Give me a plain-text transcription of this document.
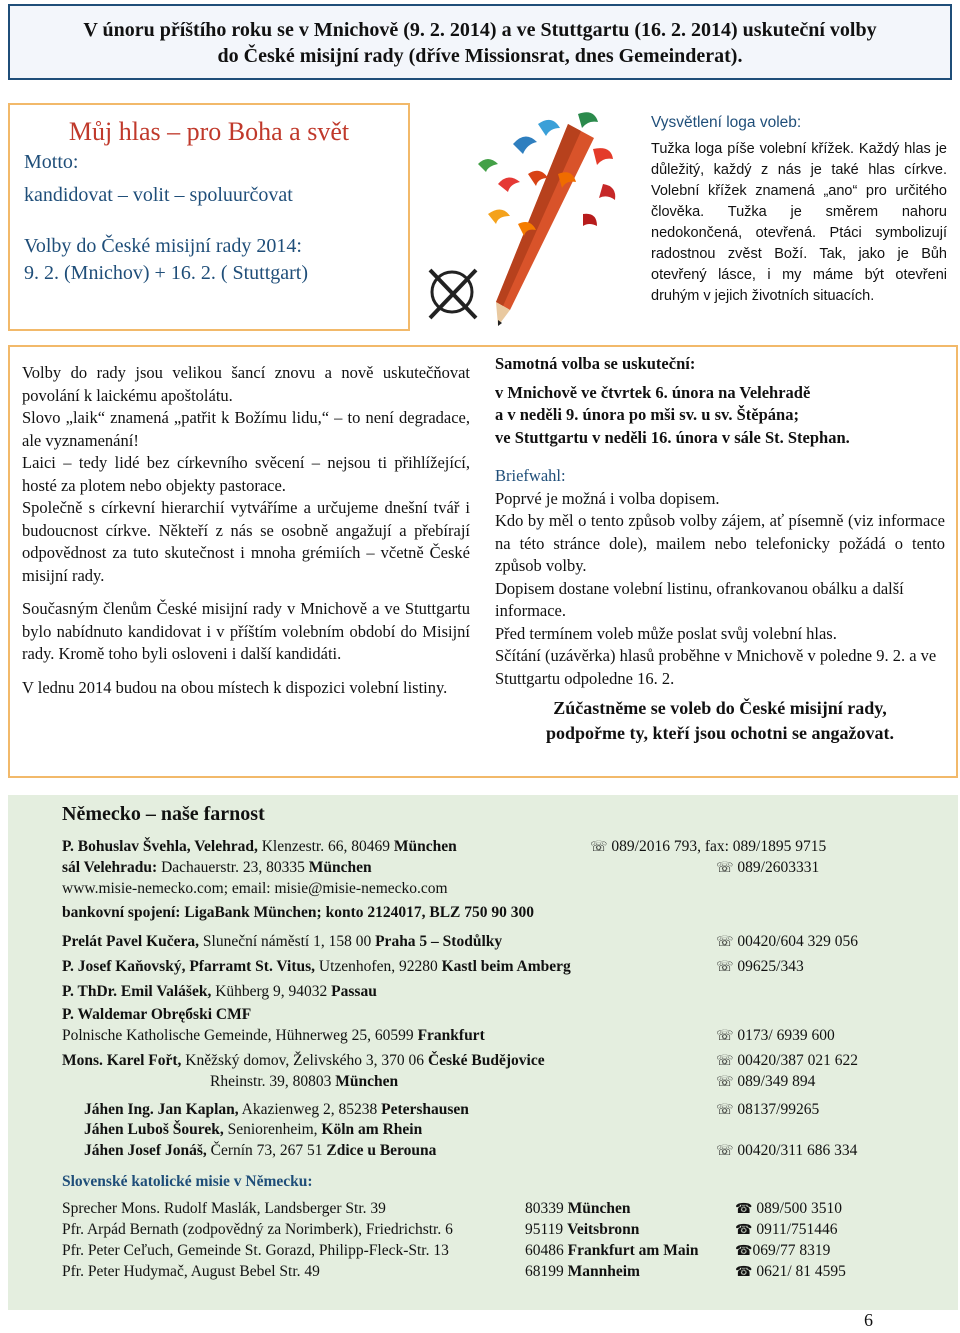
V únoru příštího roku se v Mnichově (9. 2. 2014) a ve Stuttgartu (16. 2. 2014) uskuteční volby
do České misijní rady (dříve Missionsrat, dnes Gemeinderat).
Můj hlas – pro Boha a svět
Motto:
kandidovat – volit – spoluurčovat
Volby do České misijní rady 2014:
9. 2. (Mnichov) + 16. 2. ( Stuttgart)
Vysvětlení loga voleb:
Tužka loga píše volební křížek. Každý hlas je důležitý, každý z nás je také hlas církve. Volební křížek znamená „ano“ pro určitého člověka. Tužka je směrem nahoru nedokončená, otevřená. Ptáci symbolizují radostnou zvěst Boží. Tak, jako je Bůh otevřený lásce, i my máme být otevřeni druhým v jejich životních situacích.

Volby do rady jsou velikou šancí znovu a nově uskutečňovat povolání k laickému apoštolátu.

Slovo „laik“ znamená „patřit k Božímu lidu,“ – to není degradace, ale vyznamenání!

Laici – tedy lidé bez církevního svěcení – nejsou ti přihlížející, hosté za plotem nebo objekty pastorace.

Společně s církevní hierarchií vytváříme a určujeme dnešní tvář i budoucnost církve. Někteří z nás se osobně angažují a přebírají odpovědnost za tuto skutečnost i mnoha grémiích – včetně České misijní rady.

Současným členům České misijní rady v Mnichově a ve Stuttgartu bylo nabídnuto kandidovat i v příštím volebním období do Misijní rady. Kromě toho byli osloveni i další kandidáti.

V lednu 2014 budou na obou místech k dispozici volební listiny.

Samotná volba se uskuteční:

v Mnichově ve čtvrtek 6. února na Velehradě

a v neděli 9. února po mši sv. u sv. Štěpána;

ve Stuttgartu v neděli 16. února v sále St. Stephan.

Briefwahl:

Poprvé je možná i volba dopisem.

Kdo by měl o tento způsob volby zájem, ať písemně (viz informace na této stránce dole), mailem nebo telefonicky požádá o tento způsob volby.

Dopisem dostane volební listinu, ofrankovanou obálku a další informace.

Před termínem voleb může poslat svůj volební hlas.

Sčítání (uzávěrka) hlasů proběhne v Mnichově v poledne 9. 2. a ve Stuttgartu odpoledne 16. 2.

Zúčastněme se voleb do České misijní rady,

podpořme ty, kteří jsou ochotni se angažovat.

Německo – naše farnost
P. Bohuslav Švehla, Velehrad, Klenzestr. 66, 80469 München	☏ 089/2016 793, fax: 089/1895 9715
sál Velehradu: Dachauerstr. 23, 80335 München	☏ 089/2603331
www.misie-nemecko.com; email: misie@misie-nemecko.com
bankovní spojení: LigaBank München; konto 2124017, BLZ 750 90 300
Prelát Pavel Kučera, Sluneční náměstí 1, 158 00 Praha 5 – Stodůlky	☏ 00420/604 329 056
P. Josef Kaňovský, Pfarramt St. Vitus, Utzenhofen, 92280 Kastl beim Amberg	☏ 09625/343
P. ThDr. Emil Valášek, Kühberg 9, 94032 Passau
P. Waldemar Obręбski CMF
Polnische Katholische Gemeinde, Hühnerweg 25, 60599 Frankfurt	☏ 0173/ 6939 600
Mons. Karel Fořt, Kněžský domov, Želivského 3, 370 06 České Budějovice	☏ 00420/387 021 622
Rheinstr. 39, 80803 München	☏ 089/349 894
Jáhen Ing. Jan Kaplan, Akazienweg 2, 85238 Petershausen	☏ 08137/99265
Jáhen Luboš Šourek, Seniorenheim, Köln am Rhein
Jáhen Josef Jonáš, Černín 73, 267 51 Zdice u Berouna	☏ 00420/311 686 334
Slovenské katolické misie v Německu:
Sprecher Mons. Rudolf Maslák, Landsberger Str. 39	80339 München	☎ 089/500 3510
Pfr. Arpád Bernath (zodpovědný za Norimberk), Friedrichstr. 6	95119 Veitsbronn	☎ 0911/751446
Pfr. Peter Ceľuch, Gemeinde St. Gorazd, Philipp-Fleck-Str. 13	60486 Frankfurt am Main	☎069/77 8319
Pfr. Peter Hudymač, August Bebel Str. 49	68199 Mannheim	☎ 0621/ 81 4595
6
